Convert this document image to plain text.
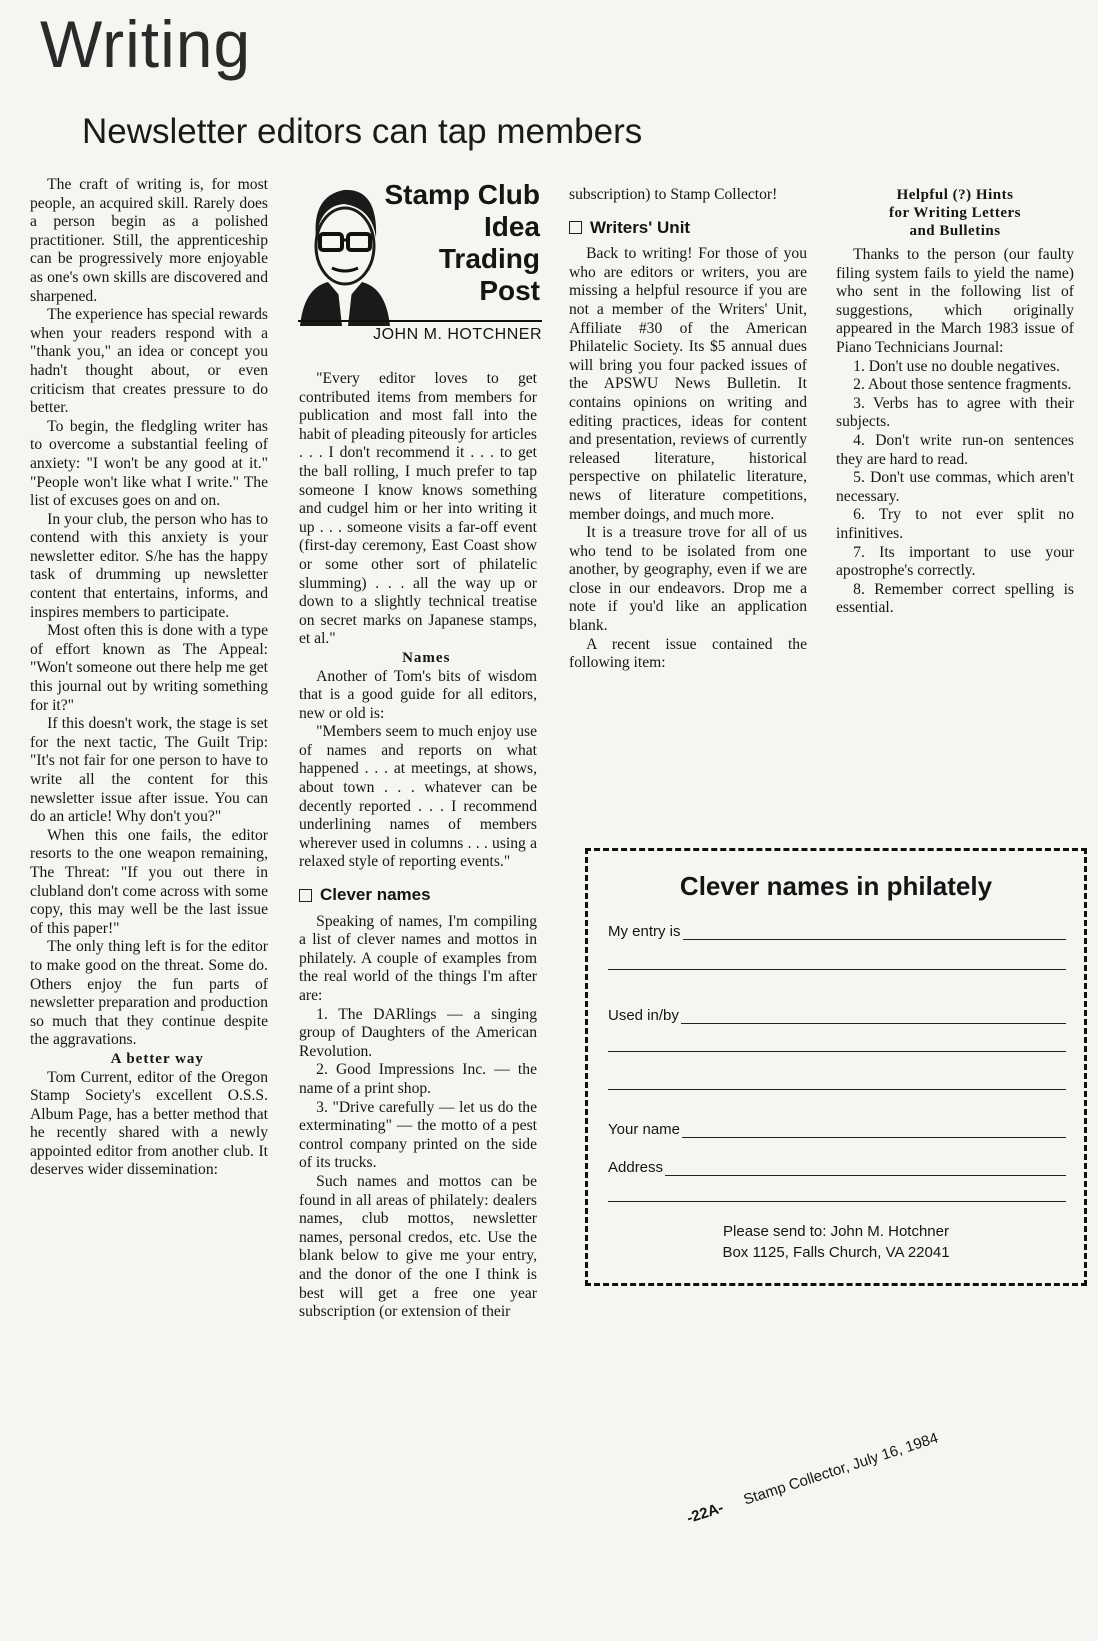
Writing
Newsletter editors can tap members

The craft of writing is, for most people, an acquired skill. Rarely does a person begin as a polished practitioner. Still, the apprenticeship can be progressively more enjoyable as one's own skills are discovered and sharpened.

The experience has special rewards when your readers respond with a "thank you," an idea or concept you hadn't thought about, or even criticism that creates pressure to do better.

To begin, the fledgling writer has to overcome a substantial feeling of anxiety: "I won't be any good at it." "People won't like what I write." The list of excuses goes on and on.

In your club, the person who has to contend with this anxiety is your newsletter editor. S/he has the happy task of drumming up newsletter content that entertains, informs, and inspires members to participate.

Most often this is done with a type of effort known as The Appeal: "Won't someone out there help me get this journal out by writing something for it?"

If this doesn't work, the stage is set for the next tactic, The Guilt Trip: "It's not fair for one person to have to write all the content for this newsletter issue after issue. You can do an article! Why don't you?"

When this one fails, the editor resorts to the one weapon remaining, The Threat: "If you out there in clubland don't come across with some copy, this may well be the last issue of this paper!"

The only thing left is for the editor to make good on the threat. Some do. Others enjoy the fun parts of newsletter preparation and production so much that they continue despite the aggravations.

A better way

Tom Current, editor of the Oregon Stamp Society's excellent O.S.S. Album Page, has a better method that he recently shared with a newly appointed editor from another club. It deserves wider dissemination:

Stamp Club
Idea
Trading
Post
JOHN M. HOTCHNER

"Every editor loves to get contributed items from members for publication and most fall into the habit of pleading piteously for articles . . . I don't recommend it . . . to get the ball rolling, I much prefer to tap someone I know knows something and cudgel him or her into writing it up . . . someone visits a far-off event (first-day ceremony, East Coast show or some other sort of philatelic slumming) . . . all the way up or down to a slightly technical treatise on secret marks on Japanese stamps, et al."

Names

Another of Tom's bits of wisdom that is a good guide for all editors, new or old is:

"Members seem to much enjoy use of names and reports on what happened . . . at meetings, at shows, about town . . . whatever can be decently reported . . . I recommend underlining names of members wherever used in columns . . . using a relaxed style of reporting events."

Clever names

Speaking of names, I'm compiling a list of clever names and mottos in philately. A couple of examples from the real world of the things I'm after are:

1. The DARlings — a singing group of Daughters of the American Revolution.

2. Good Impressions Inc. — the name of a print shop.

3. "Drive carefully — let us do the exterminating" — the motto of a pest control company printed on the side of its trucks.

Such names and mottos can be found in all areas of philately: dealers names, club mottos, newsletter names, personal credos, etc. Use the blank below to give me your entry, and the donor of the one I think is best will get a free one year subscription (or extension of their

subscription) to Stamp Collector!

Writers' Unit

Back to writing! For those of you who are editors or writers, you are missing a helpful resource if you are not a member of the Writers' Unit, Affiliate #30 of the American Philatelic Society. Its $5 annual dues will bring you four packed issues of the APSWU News Bulletin. It contains opinions on writing and editing practices, ideas for content and presentation, reviews of currently released literature, historical perspective on philatelic literature, news of literature competitions, member doings, and much more.

It is a treasure trove for all of us who tend to be isolated from one another, by geography, even if we are close in our endeavors. Drop me a note if you'd like an application blank.

A recent issue contained the following item:

Helpful (?) Hints
for Writing Letters
and Bulletins

Thanks to the person (our faulty filing system fails to yield the name) who sent in the following list of suggestions, which originally appeared in the March 1983 issue of Piano Technicians Journal:

1. Don't use no double negatives.

2. About those sentence fragments.

3. Verbs has to agree with their subjects.

4. Don't write run-on sentences they are hard to read.

5. Don't use commas, which aren't necessary.

6. Try to not ever split no infinitives.

7. Its important to use your apostrophe's correctly.

8. Remember correct spelling is essential.

Clever names in philately
My entry is
Used in/by
Your name
Address
Please send to: John M. Hotchner
Box 1125, Falls Church, VA 22041
-22A- Stamp Collector, July 16, 1984
